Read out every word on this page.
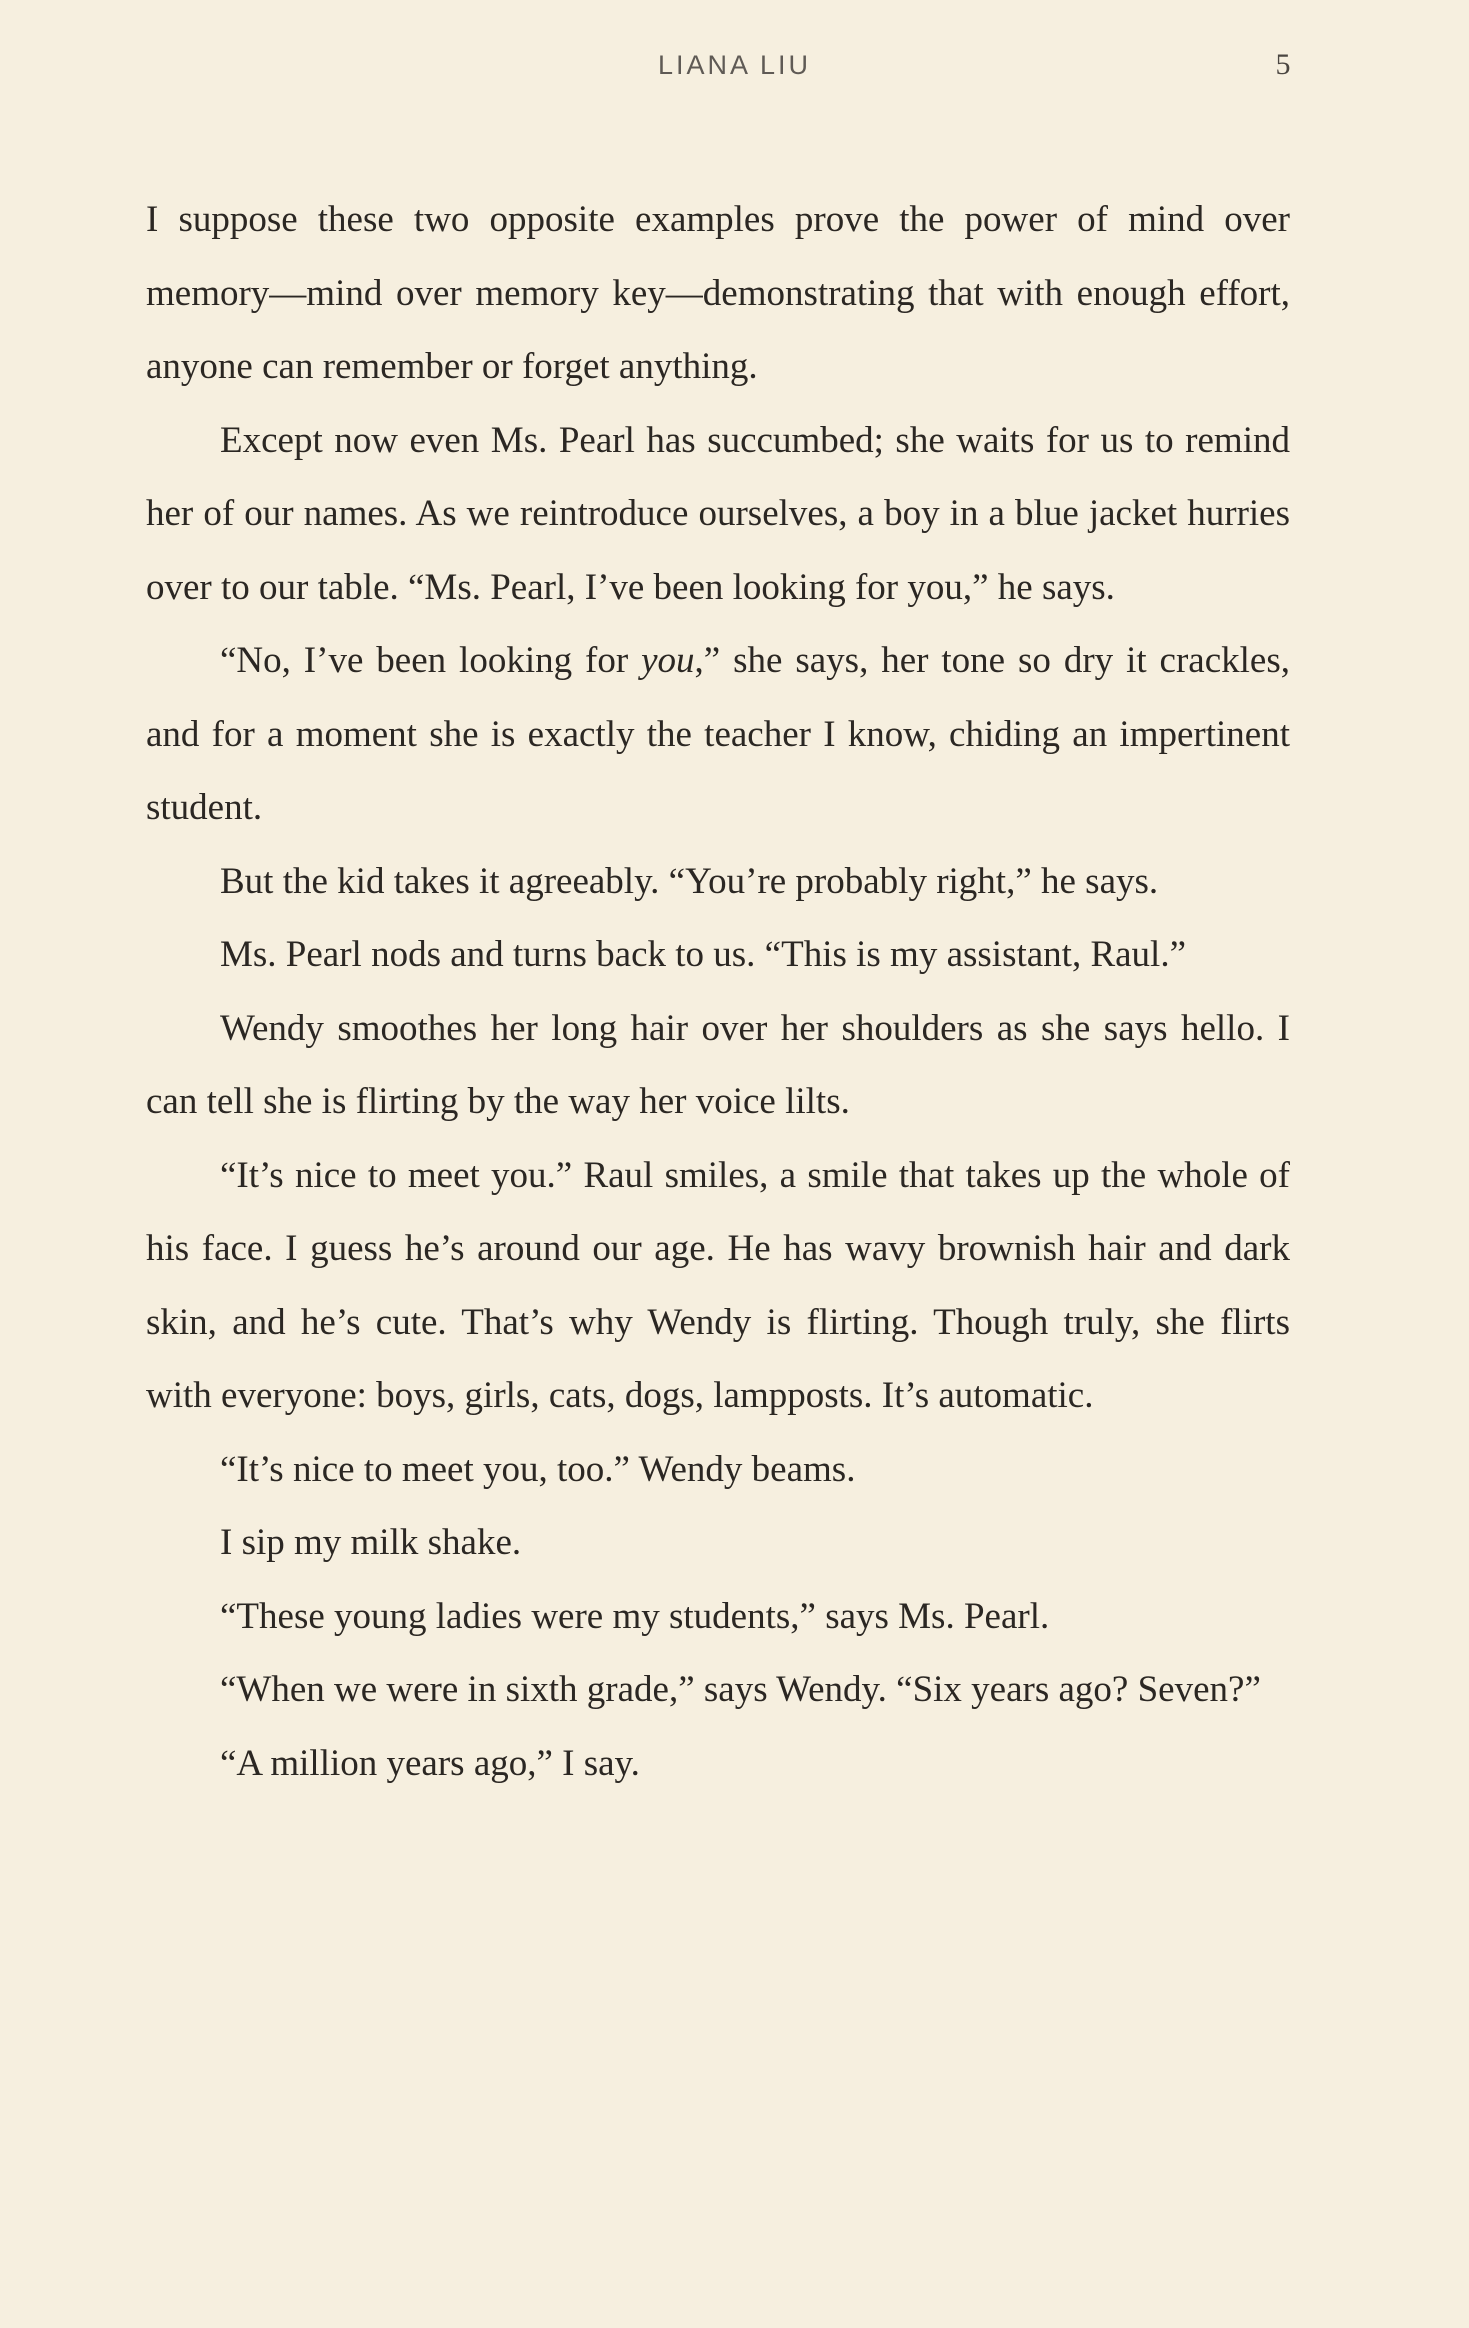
LIANA LIU	5

I suppose these two opposite examples prove the power of mind over memory—mind over memory key—demonstrating that with enough effort, anyone can remember or forget anything.

Except now even Ms. Pearl has succumbed; she waits for us to remind her of our names. As we reintroduce ourselves, a boy in a blue jacket hurries over to our table. “Ms. Pearl, I’ve been looking for you,” he says.

“No, I’ve been looking for you,” she says, her tone so dry it crackles, and for a moment she is exactly the teacher I know, chiding an impertinent student.

But the kid takes it agreeably. “You’re probably right,” he says.

Ms. Pearl nods and turns back to us. “This is my assistant, Raul.”

Wendy smoothes her long hair over her shoulders as she says hello. I can tell she is flirting by the way her voice lilts.

“It’s nice to meet you.” Raul smiles, a smile that takes up the whole of his face. I guess he’s around our age. He has wavy brownish hair and dark skin, and he’s cute. That’s why Wendy is flirting. Though truly, she flirts with everyone: boys, girls, cats, dogs, lampposts. It’s automatic.

“It’s nice to meet you, too.” Wendy beams.

I sip my milk shake.

“These young ladies were my students,” says Ms. Pearl.

“When we were in sixth grade,” says Wendy. “Six years ago? Seven?”

“A million years ago,” I say.
